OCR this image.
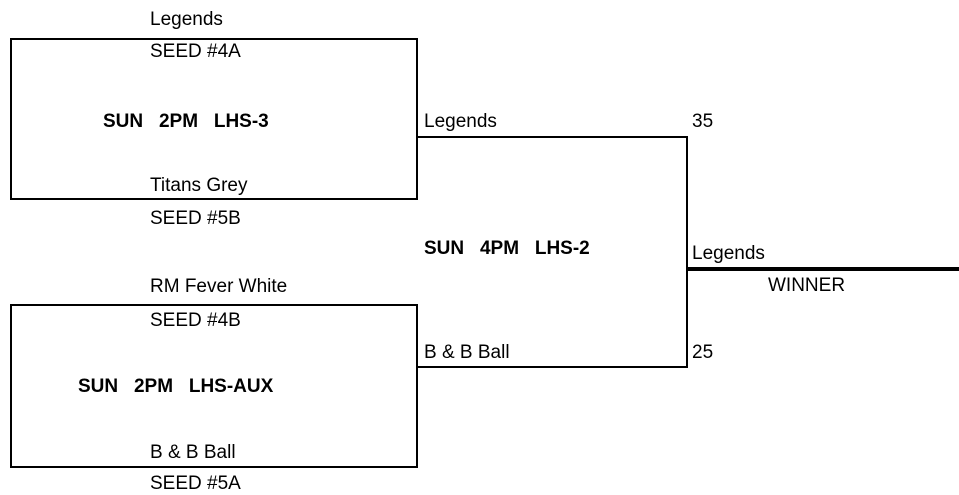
Legends
SEED #4A
SUN   2PM   LHS-3
Titans Grey
SEED #5B
RM Fever White
SEED #4B
SUN   2PM   LHS-AUX
B & B Ball
SEED #5A
Legends	35
SUN   4PM   LHS-2
B & B Ball	25
Legends
WINNER
